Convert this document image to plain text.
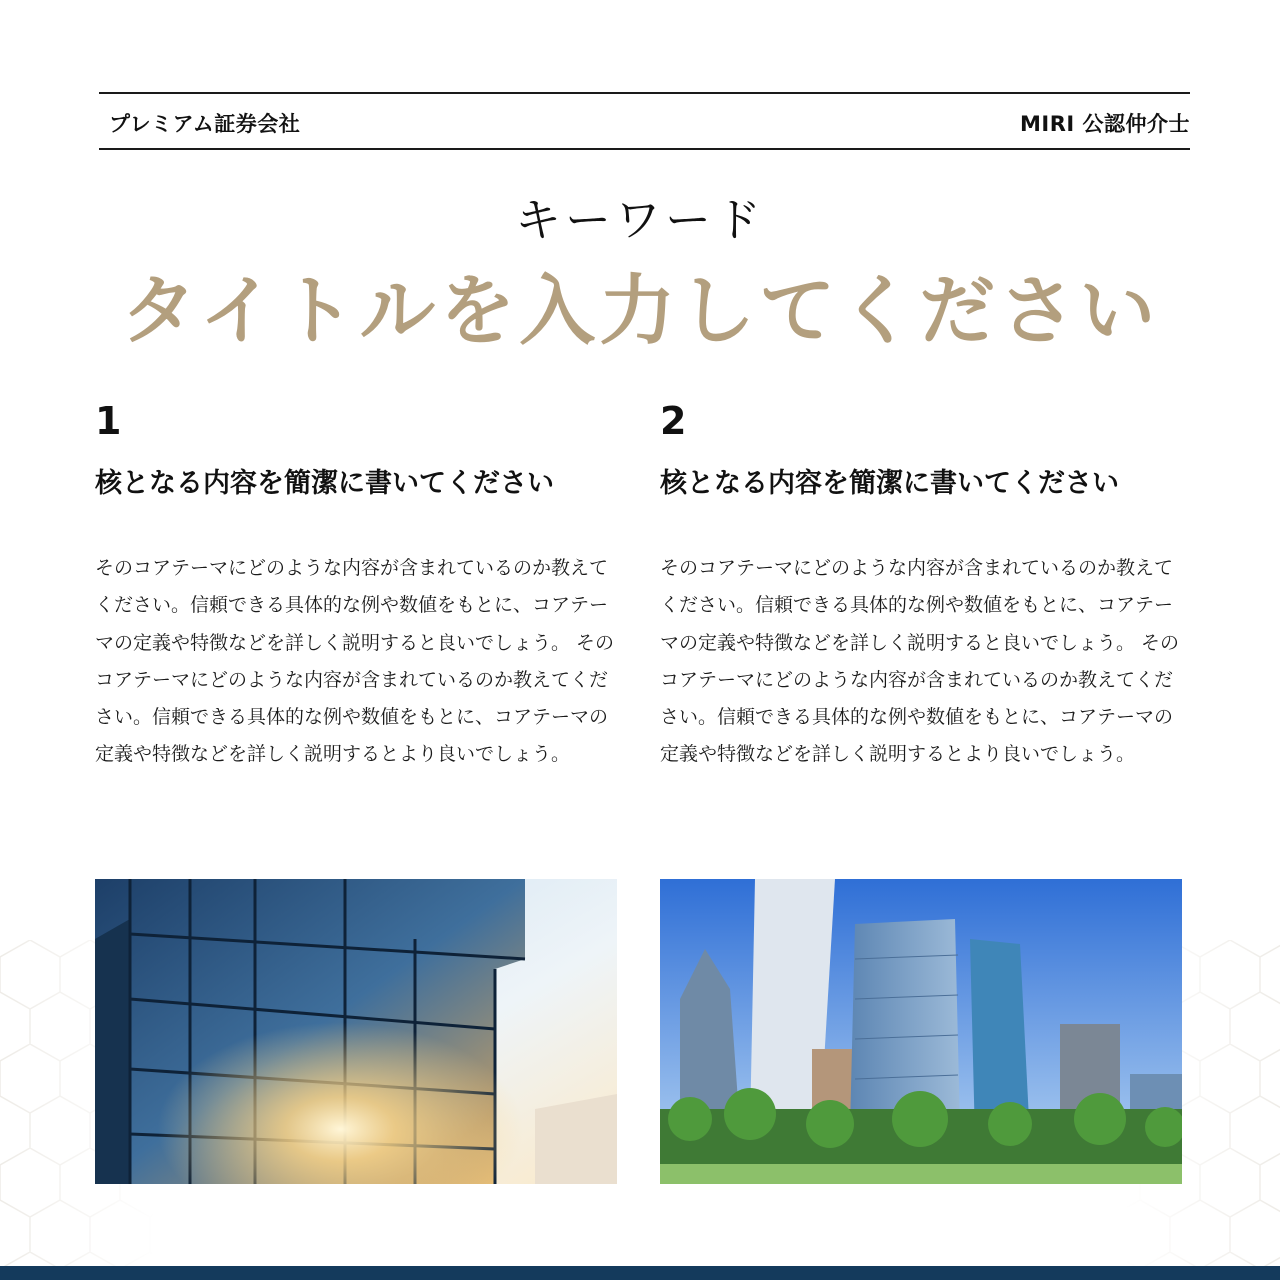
プレミアム証券会社	MIRI 公認仲介士
キーワード
タイトルを入力してください
1
核となる内容を簡潔に書いてください
そのコアテーマにどのような内容が含まれているのか教えてください。信頼できる具体的な例や数値をもとに、コアテーマの定義や特徴などを詳しく説明すると良いでしょう。 そのコアテーマにどのような内容が含まれているのか教えてください。信頼できる具体的な例や数値をもとに、コアテーマの定義や特徴などを詳しく説明するとより良いでしょう。
2
核となる内容を簡潔に書いてください
そのコアテーマにどのような内容が含まれているのか教えてください。信頼できる具体的な例や数値をもとに、コアテーマの定義や特徴などを詳しく説明すると良いでしょう。 そのコアテーマにどのような内容が含まれているのか教えてください。信頼できる具体的な例や数値をもとに、コアテーマの定義や特徴などを詳しく説明するとより良いでしょう。
